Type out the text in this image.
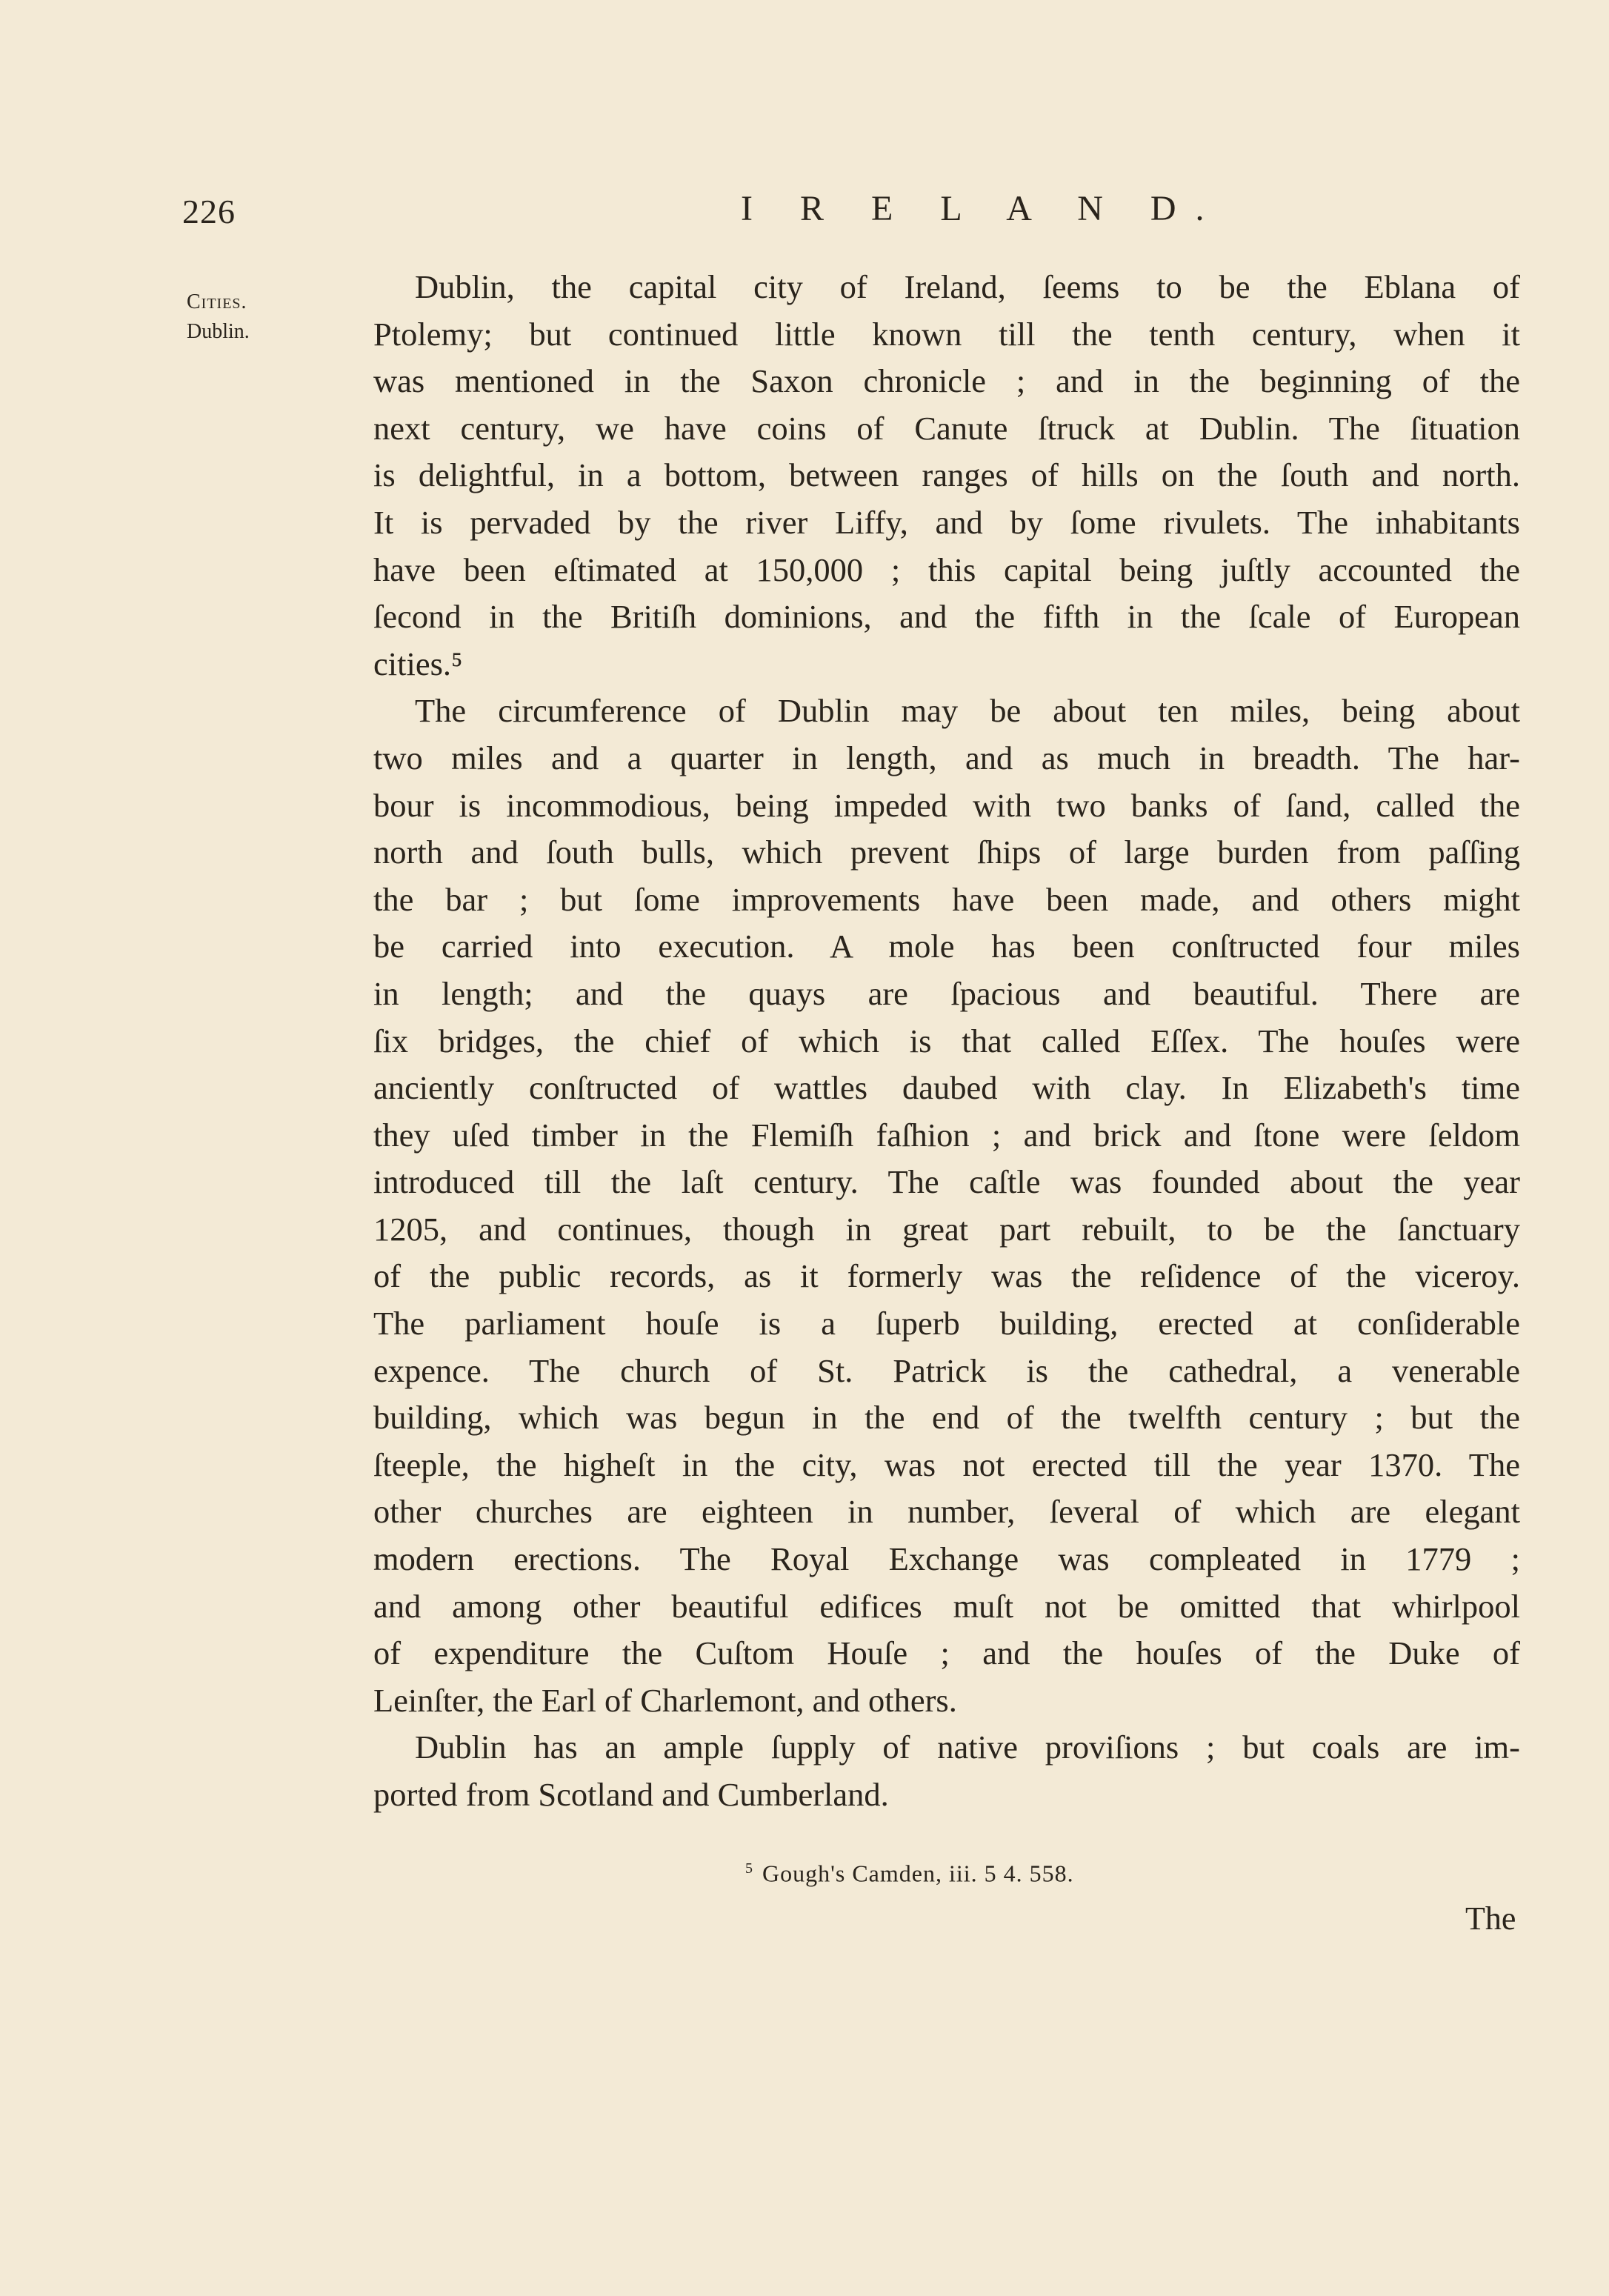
226	I R E L A N D.
Cities.
Dublin.
Dublin, the capital city of Ireland, ſeems to be the Eblana of
Ptolemy; but continued little known till the tenth century, when it
was mentioned in the Saxon chronicle ; and in the beginning of the
next century, we have coins of Canute ſtruck at Dublin. The ſituation
is delightful, in a bottom, between ranges of hills on the ſouth and north.
It is pervaded by the river Liffy, and by ſome rivulets. The inhabitants
have been eſtimated at 150,000 ; this capital being juſtly accounted the
ſecond in the Britiſh dominions, and the fifth in the ſcale of European
cities.⁵
The circumference of Dublin may be about ten miles, being about
two miles and a quarter in length, and as much in breadth. The har-
bour is incommodious, being impeded with two banks of ſand, called the
north and ſouth bulls, which prevent ſhips of large burden from paſſing
the bar ; but ſome improvements have been made, and others might
be carried into execution. A mole has been conſtructed four miles
in length; and the quays are ſpacious and beautiful. There are
ſix bridges, the chief of which is that called Eſſex. The houſes were
anciently conſtructed of wattles daubed with clay. In Elizabeth's time
they uſed timber in the Flemiſh faſhion ; and brick and ſtone were ſeldom
introduced till the laſt century. The caſtle was founded about the year
1205, and continues, though in great part rebuilt, to be the ſanctuary
of the public records, as it formerly was the reſidence of the viceroy.
The parliament houſe is a ſuperb building, erected at conſiderable
expence. The church of St. Patrick is the cathedral, a venerable
building, which was begun in the end of the twelfth century ; but the
ſteeple, the higheſt in the city, was not erected till the year 1370. The
other churches are eighteen in number, ſeveral of which are elegant
modern erections. The Royal Exchange was compleated in 1779 ;
and among other beautiful edifices muſt not be omitted that whirlpool
of expenditure the Cuſtom Houſe ; and the houſes of the Duke of
Leinſter, the Earl of Charlemont, and others.
Dublin has an ample ſupply of native proviſions ; but coals are im-
ported from Scotland and Cumberland.
$^5$ Gough's Camden, iii. 5 4. 558.
The
